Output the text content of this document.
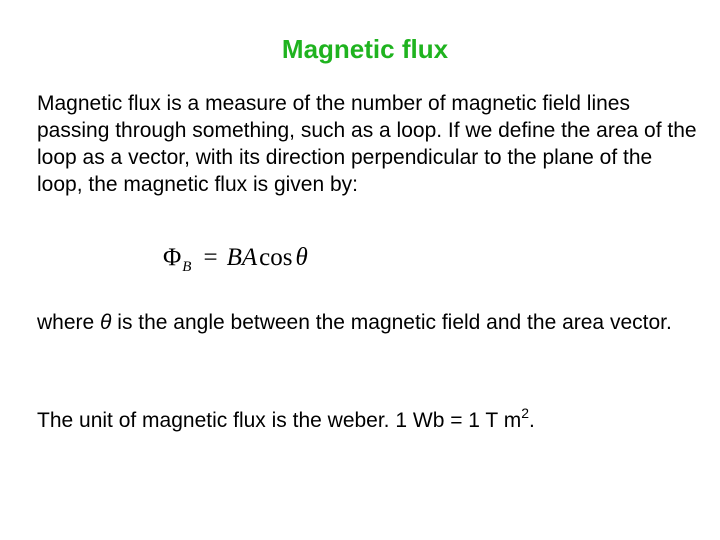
Magnetic flux
Magnetic flux is a measure of the number of magnetic field lines passing through something, such as a loop. If we define the area of the loop as a vector, with its direction perpendicular to the plane of the loop, the magnetic flux is given by:
$\Phi_B = BAcos$ θ
where θ is the angle between the magnetic field and the area vector.
The unit of magnetic flux is the weber. 1 Wb = 1 T $m^2$.
